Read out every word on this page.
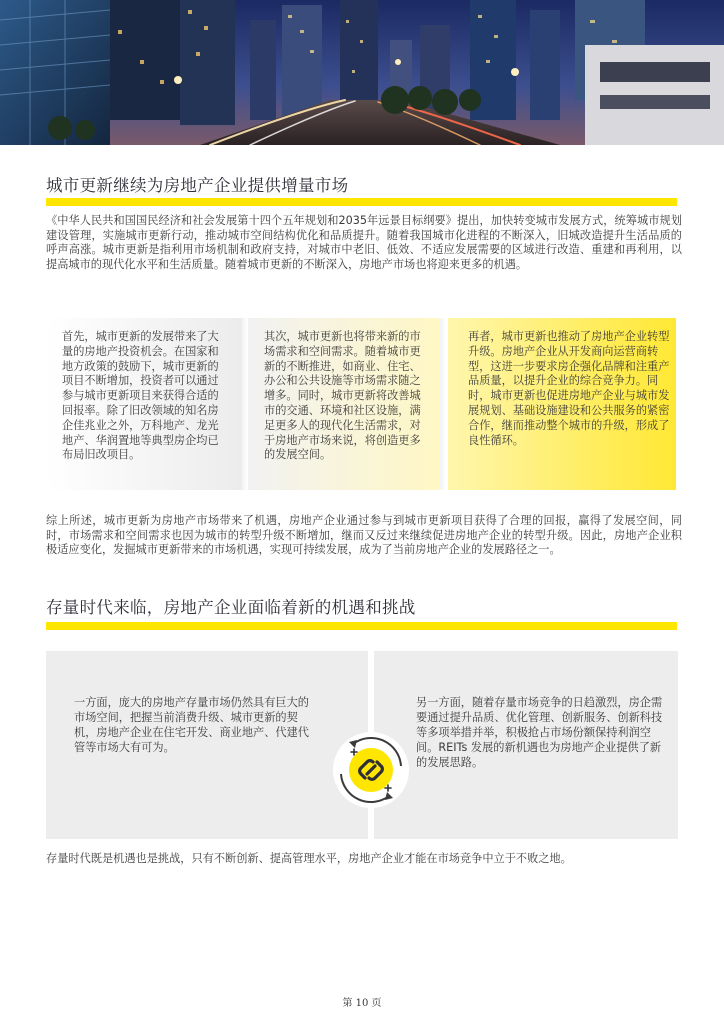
城市更新继续为房地产企业提供增量市场

《中华人民共和国国民经济和社会发展第十四个五年规划和2035年远景目标纲要》提出，加快转变城市发展方式，统筹城市规划建设管理，实施城市更新行动，推动城市空间结构优化和品质提升。随着我国城市化进程的不断深入，旧城改造提升生活品质的呼声高涨。城市更新是指利用市场机制和政府支持，对城市中老旧、低效、不适应发展需要的区域进行改造、重建和再利用，以提高城市的现代化水平和生活质量。随着城市更新的不断深入，房地产市场也将迎来更多的机遇。

首先，城市更新的发展带来了大量的房地产投资机会。在国家和地方政策的鼓励下，城市更新的项目不断增加，投资者可以通过参与城市更新项目来获得合适的回报率。除了旧改领域的知名房企佳兆业之外，万科地产、龙光地产、华润置地等典型房企均已布局旧改项目。
其次，城市更新也将带来新的市场需求和空间需求。随着城市更新的不断推进，如商业、住宅、办公和公共设施等市场需求随之增多。同时，城市更新将改善城市的交通、环境和社区设施，满足更多人的现代化生活需求，对于房地产市场来说，将创造更多的发展空间。
再者，城市更新也推动了房地产企业转型升级。房地产企业从开发商向运营商转型，这进一步要求房企强化品牌和注重产品质量，以提升企业的综合竞争力。同时，城市更新也促进房地产企业与城市发展规划、基础设施建设和公共服务的紧密合作，继而推动整个城市的升级，形成了良性循环。

综上所述，城市更新为房地产市场带来了机遇，房地产企业通过参与到城市更新项目获得了合理的回报，赢得了发展空间，同时，市场需求和空间需求也因为城市的转型升级不断增加，继而又反过来继续促进房地产企业的转型升级。因此，房地产企业积极适应变化，发掘城市更新带来的市场机遇，实现可持续发展，成为了当前房地产企业的发展路径之一。

存量时代来临，房地产企业面临着新的机遇和挑战
一方面，庞大的房地产存量市场仍然具有巨大的市场空间，把握当前消费升级、城市更新的契机，房地产企业在住宅开发、商业地产、代建代管等市场大有可为。
另一方面，随着存量市场竞争的日趋激烈，房企需要通过提升品质、优化管理、创新服务、创新科技等多项举措并举，积极抢占市场份额保持利润空间。REITs 发展的新机遇也为房地产企业提供了新的发展思路。
存量时代既是机遇也是挑战，只有不断创新、提高管理水平，房地产企业才能在市场竞争中立于不败之地。
第 10 页
